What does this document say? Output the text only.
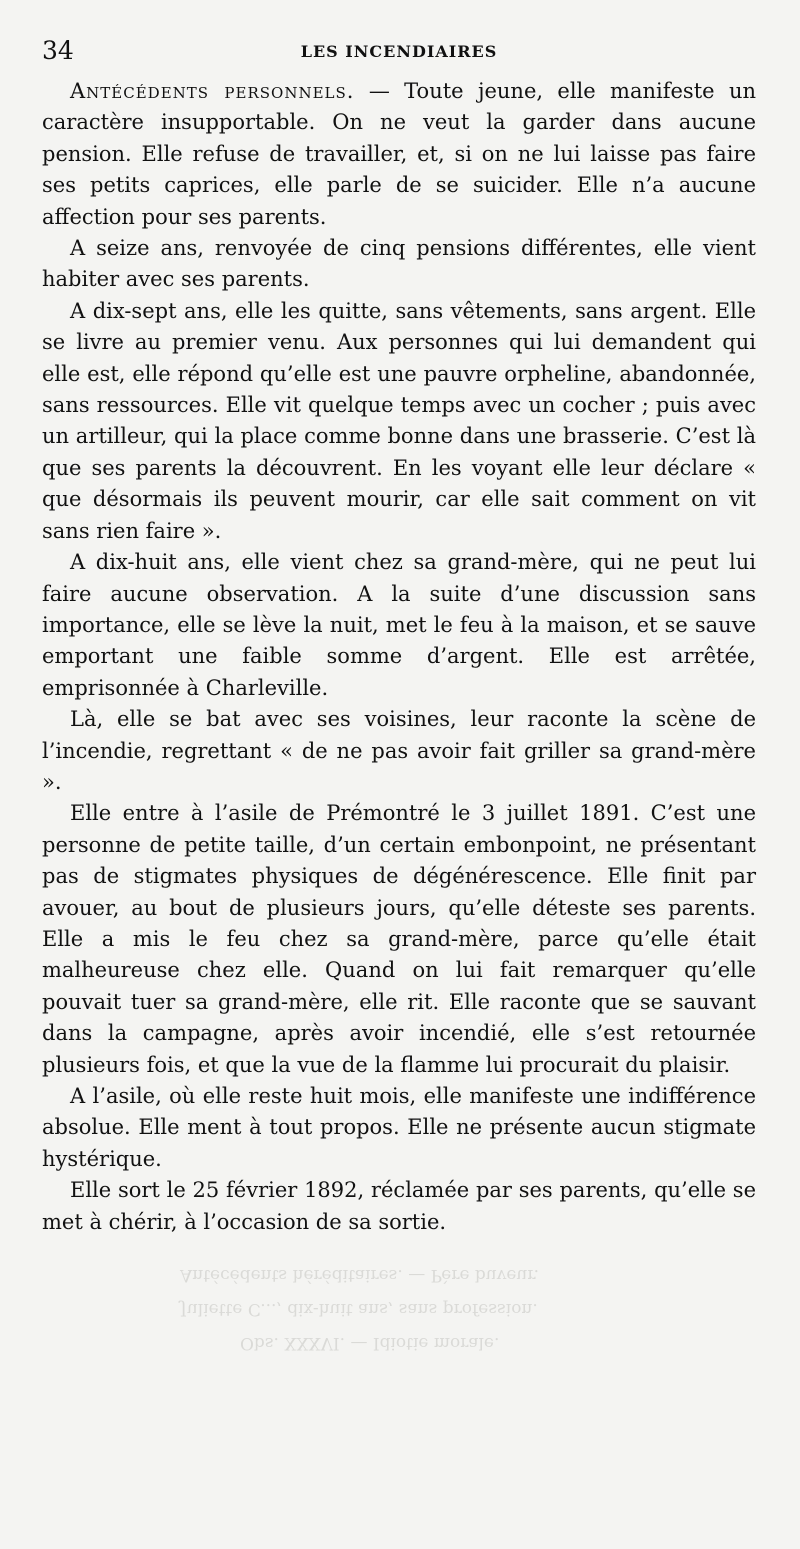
Obs. XXXVI. — Idiotie morale.
Juliette C..., dix-huit ans, sans profession.
Antécédents héréditaires. — Père buveur.
34	LES INCENDIAIRES

Antécédents personnels. — Toute jeune, elle manifeste un caractère insupportable. On ne veut la garder dans aucune pension. Elle refuse de travailler, et, si on ne lui laisse pas faire ses petits caprices, elle parle de se suicider. Elle n’a aucune affection pour ses parents.

A seize ans, renvoyée de cinq pensions différentes, elle vient habiter avec ses parents.

A dix-sept ans, elle les quitte, sans vêtements, sans argent. Elle se livre au premier venu. Aux personnes qui lui demandent qui elle est, elle répond qu’elle est une pauvre orpheline, abandonnée, sans ressources. Elle vit quelque temps avec un cocher ; puis avec un artilleur, qui la place comme bonne dans une brasserie. C’est là que ses parents la découvrent. En les voyant elle leur déclare « que désormais ils peuvent mourir, car elle sait comment on vit sans rien faire ».

A dix-huit ans, elle vient chez sa grand-mère, qui ne peut lui faire aucune observation. A la suite d’une discussion sans importance, elle se lève la nuit, met le feu à la maison, et se sauve emportant une faible somme d’argent. Elle est arrêtée, emprisonnée à Charleville.

Là, elle se bat avec ses voisines, leur raconte la scène de l’incendie, regrettant « de ne pas avoir fait griller sa grand-mère ».

Elle entre à l’asile de Prémontré le 3 juillet 1891. C’est une personne de petite taille, d’un certain embonpoint, ne présentant pas de stigmates physiques de dégénérescence. Elle finit par avouer, au bout de plusieurs jours, qu’elle déteste ses parents. Elle a mis le feu chez sa grand-mère, parce qu’elle était malheureuse chez elle. Quand on lui fait remarquer qu’elle pouvait tuer sa grand-mère, elle rit. Elle raconte que se sauvant dans la campagne, après avoir incendié, elle s’est retournée plusieurs fois, et que la vue de la flamme lui procurait du plaisir.

A l’asile, où elle reste huit mois, elle manifeste une indifférence absolue. Elle ment à tout propos. Elle ne présente aucun stigmate hystérique.

Elle sort le 25 février 1892, réclamée par ses parents, qu’elle se met à chérir, à l’occasion de sa sortie.
